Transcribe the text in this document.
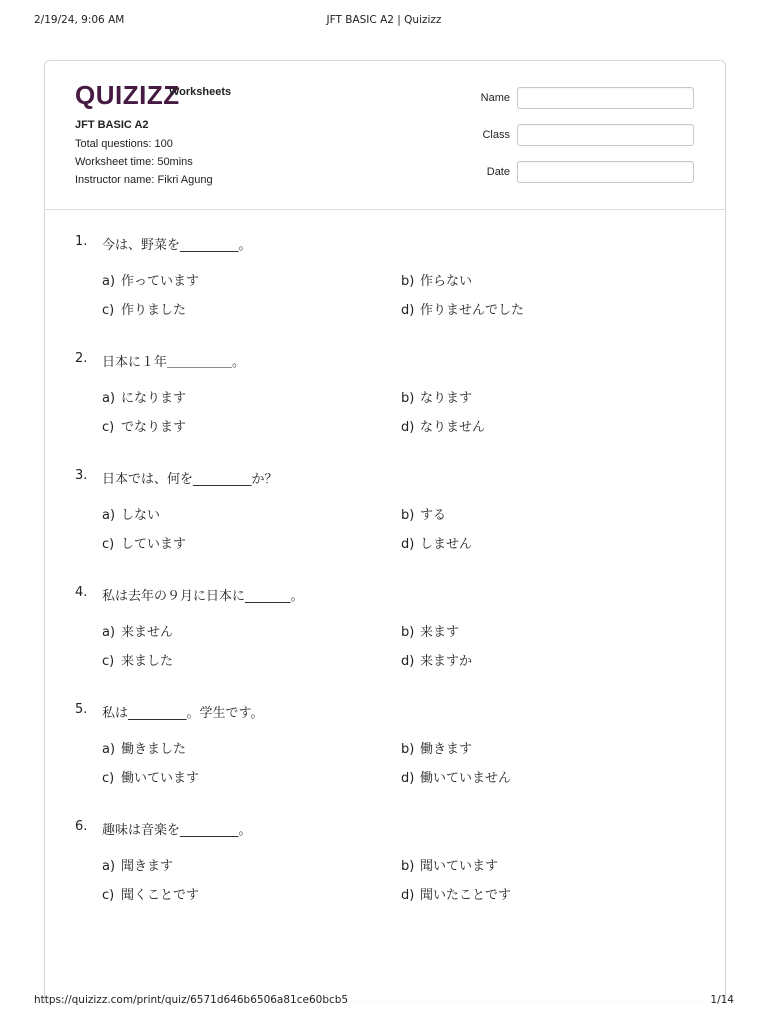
2/19/24, 9:06 AM	JFT BASIC A2 | Quizizz
QUIZIZZ
Worksheets
JFT BASIC A2
Total questions: 100
Worksheet time: 50mins
Instructor name: Fikri Agung
Name
Class
Date
1. 今は、野菜を_________。
a) 作っています	b) 作らない
c) 作りました	d) 作りませんでした
2. 日本に１年＿＿＿＿＿。
a) になります	b) なります
c) でなります	d) なりません
3. 日本では、何を_________か？
a) しない	b) する
c) しています	d) しません
4. 私は去年の９月に日本に_______。
a) 来ません	b) 来ます
c) 来ました	d) 来ますか
5. 私は_________。学生です。
a) 働きました	b) 働きます
c) 働いています	d) 働いていません
6. 趣味は音楽を_________。
a) 聞きます	b) 聞いています
c) 聞くことです	d) 聞いたことです
https://quizizz.com/print/quiz/6571d646b6506a81ce60bcb5	1/14
